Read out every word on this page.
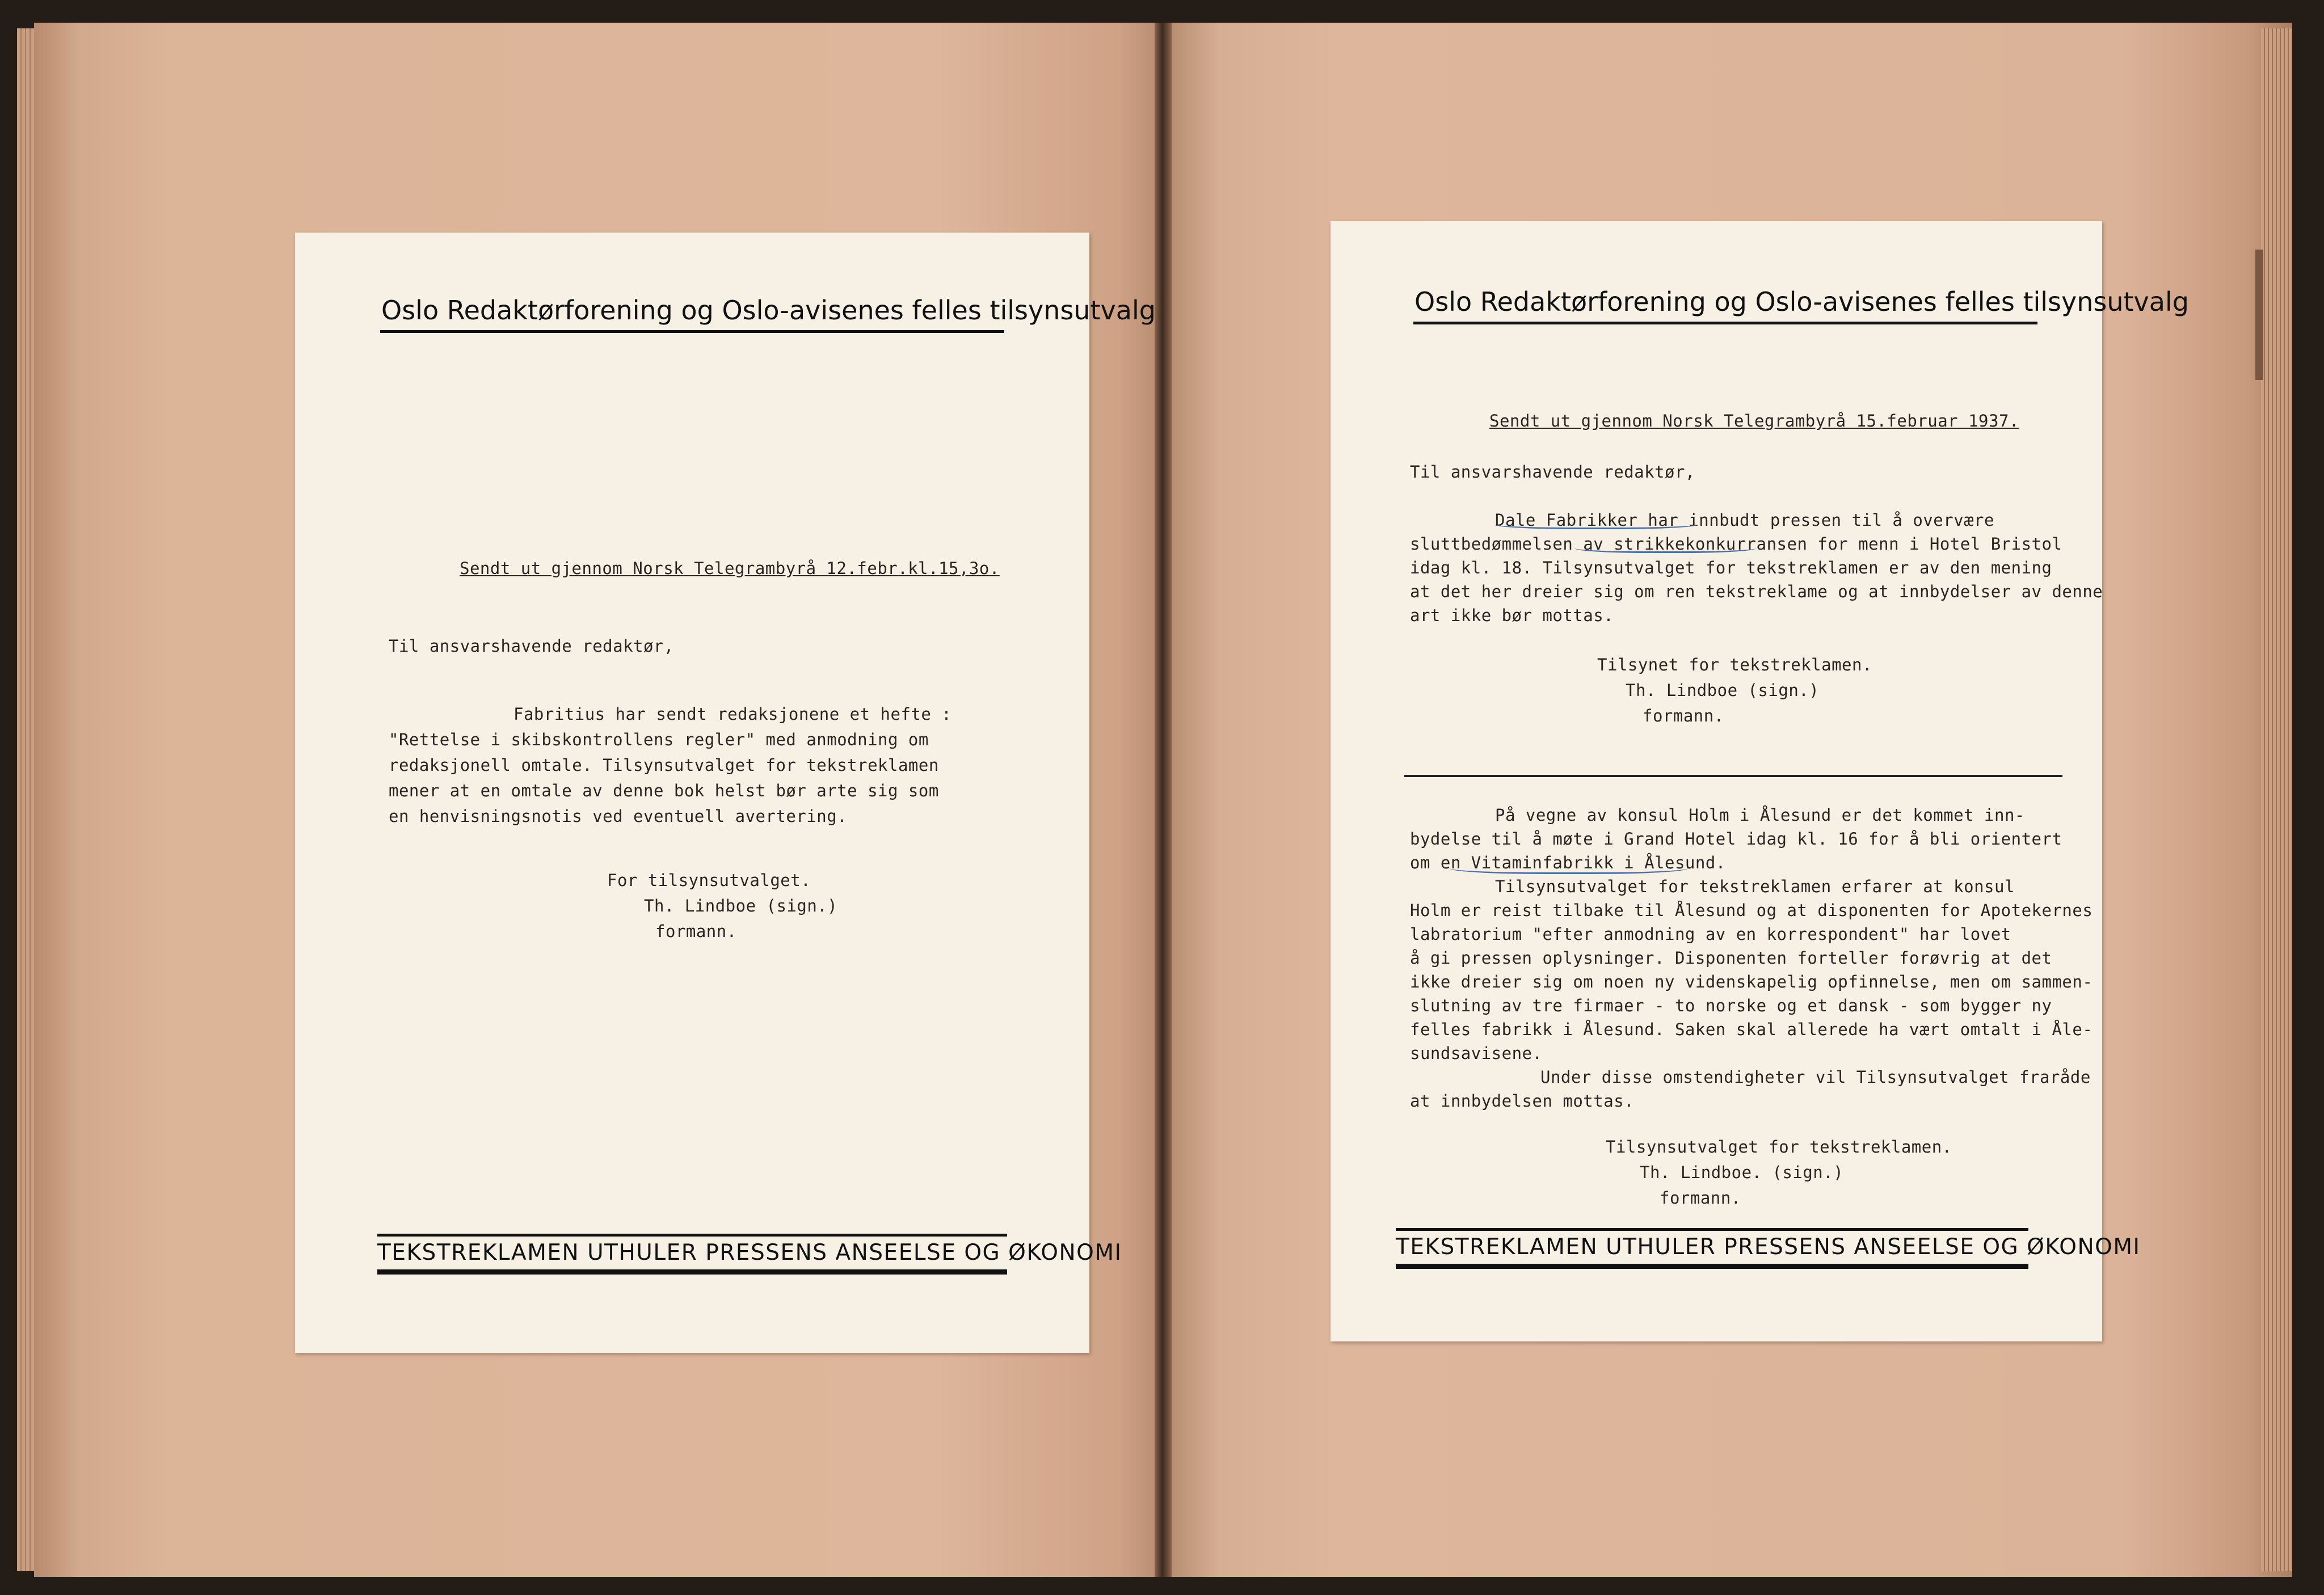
Oslo Redaktørforening og Oslo-avisenes felles tilsynsutvalg
Sendt ut gjennom Norsk Telegrambyrå 12.febr.kl.15,3o.
Til ansvarshavende redaktør,
Fabritius har sendt redaksjonene et hefte :
"Rettelse i skibskontrollens regler" med anmodning om
redaksjonell omtale. Tilsynsutvalget for tekstreklamen
mener at en omtale av denne bok helst bør arte sig som
en henvisningsnotis ved eventuell avertering.
For tilsynsutvalget.
Th. Lindboe (sign.)
formann.
TEKSTREKLAMEN UTHULER PRESSENS ANSEELSE OG ØKONOMI
Oslo Redaktørforening og Oslo-avisenes felles tilsynsutvalg
Sendt ut gjennom Norsk Telegrambyrå 15.februar 1937.
Til ansvarshavende redaktør,
Dale Fabrikker har innbudt pressen til å overvære
sluttbedømmelsen av strikkekonkurransen for menn i Hotel Bristol
idag kl. 18. Tilsynsutvalget for tekstreklamen er av den mening
at det her dreier sig om ren tekstreklame og at innbydelser av denne
art ikke bør mottas.
Tilsynet for tekstreklamen.
Th. Lindboe (sign.)
formann.
På vegne av konsul Holm i Ålesund er det kommet inn-
bydelse til å møte i Grand Hotel idag kl. 16 for å bli orientert
om en Vitaminfabrikk i Ålesund.
Tilsynsutvalget for tekstreklamen erfarer at konsul
Holm er reist tilbake til Ålesund og at disponenten for Apotekernes
labratorium "efter anmodning av en korrespondent" har lovet
å gi pressen oplysninger. Disponenten forteller forøvrig at det
ikke dreier sig om noen ny videnskapelig opfinnelse, men om sammen-
slutning av tre firmaer - to norske og et dansk - som bygger ny
felles fabrikk i Ålesund. Saken skal allerede ha vært omtalt i Åle-
sundsavisene.
Under disse omstendigheter vil Tilsynsutvalget fraråde
at innbydelsen mottas.
Tilsynsutvalget for tekstreklamen.
Th. Lindboe. (sign.)
formann.
TEKSTREKLAMEN UTHULER PRESSENS ANSEELSE OG ØKONOMI
